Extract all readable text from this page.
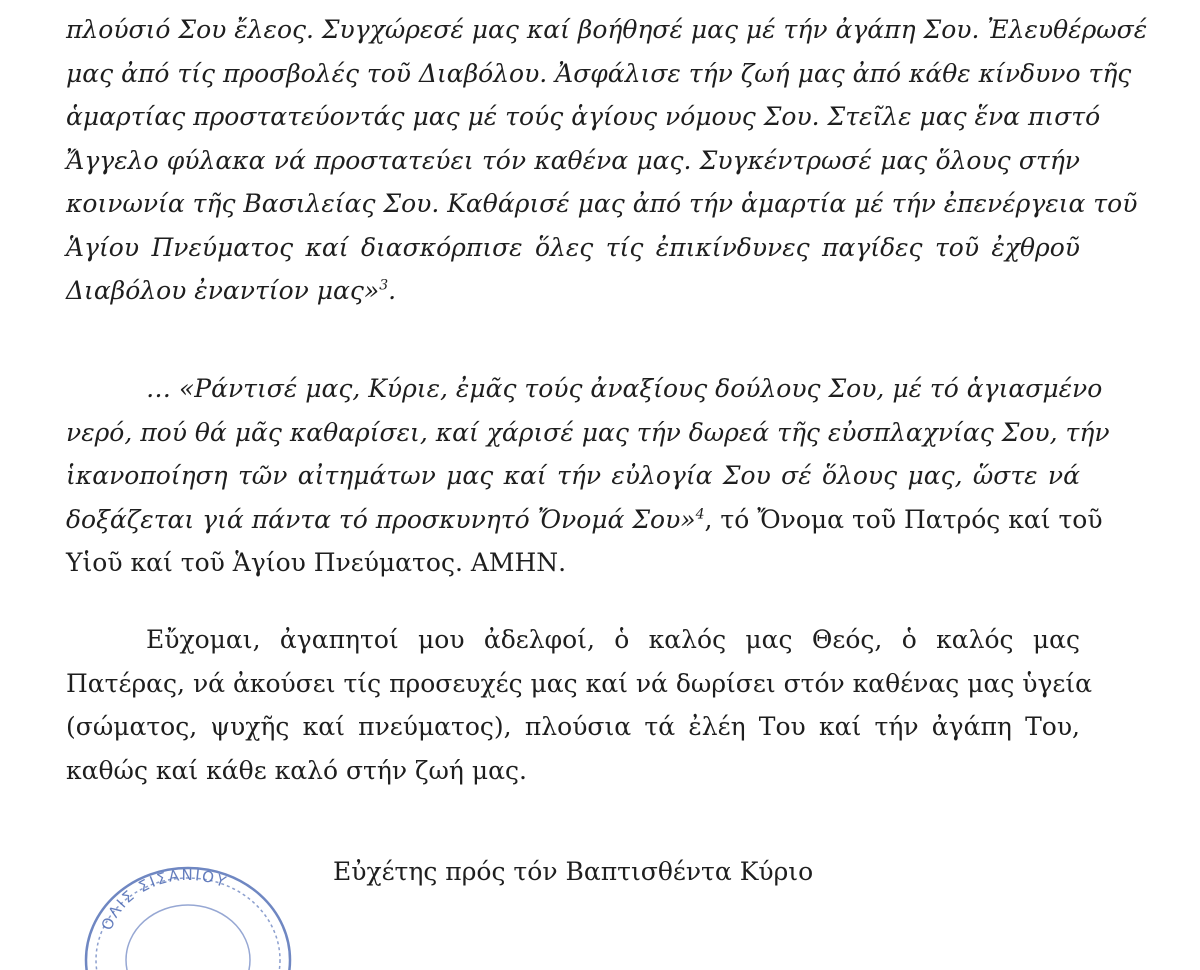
πλούσιό Σου ἔλεος. Συγχώρεσέ μας καί βοήθησέ μας μέ τήν ἀγάπη Σου. Ἐλευθέρωσέ
μας ἀπό τίς προσβολές τοῦ Διαβόλου. Ἀσφάλισε τήν ζωή μας ἀπό κάθε κίνδυνο τῆς
ἁμαρτίας προστατεύοντάς μας μέ τούς ἁγίους νόμους Σου. Στεῖλε μας ἕνα πιστό
Ἄγγελο φύλακα νά προστατεύει τόν καθένα μας. Συγκέντρωσέ μας ὅλους στήν
κοινωνία τῆς Βασιλείας Σου. Καθάρισέ μας ἀπό τήν ἁμαρτία μέ τήν ἐπενέργεια τοῦ
Ἁγίου Πνεύματος καί διασκόρπισε ὅλες τίς ἐπικίνδυνες παγίδες τοῦ ἐχθροῦ
Διαβόλου ἐναντίον μας»$^3$.

… «Ράντισέ μας, Κύριε, ἐμᾶς τούς ἀναξίους δούλους Σου, μέ τό ἁγιασμένο
νερό, πού θά μᾶς καθαρίσει, καί χάρισέ μας τήν δωρεά τῆς εὐσπλαχνίας Σου, τήν
ἱκανοποίηση τῶν αἰτημάτων μας καί τήν εὐλογία Σου σέ ὅλους μας, ὥστε νά
δοξάζεται γιά πάντα τό προσκυνητό Ὄνομά Σου»$^4$, τό Ὄνομα τοῦ Πατρός καί τοῦ
Υἱοῦ καί τοῦ Ἁγίου Πνεύματος. ΑΜΗΝ.

Εὔχομαι, ἀγαπητοί μου ἀδελφοί, ὁ καλός μας Θεός, ὁ καλός μας
Πατέρας, νά ἀκούσει τίς προσευχές μας καί νά δωρίσει στόν καθένας μας ὑγεία
(σώματος, ψυχῆς καί πνεύματος), πλούσια τά ἐλέη Του καί τήν ἀγάπη Του,
καθώς καί κάθε καλό στήν ζωή μας.

ΟΛΙΣ ΣΙΣΑΝΙΟΥ	Εὐχέτης πρός τόν Βαπτισθέντα Κύριο
